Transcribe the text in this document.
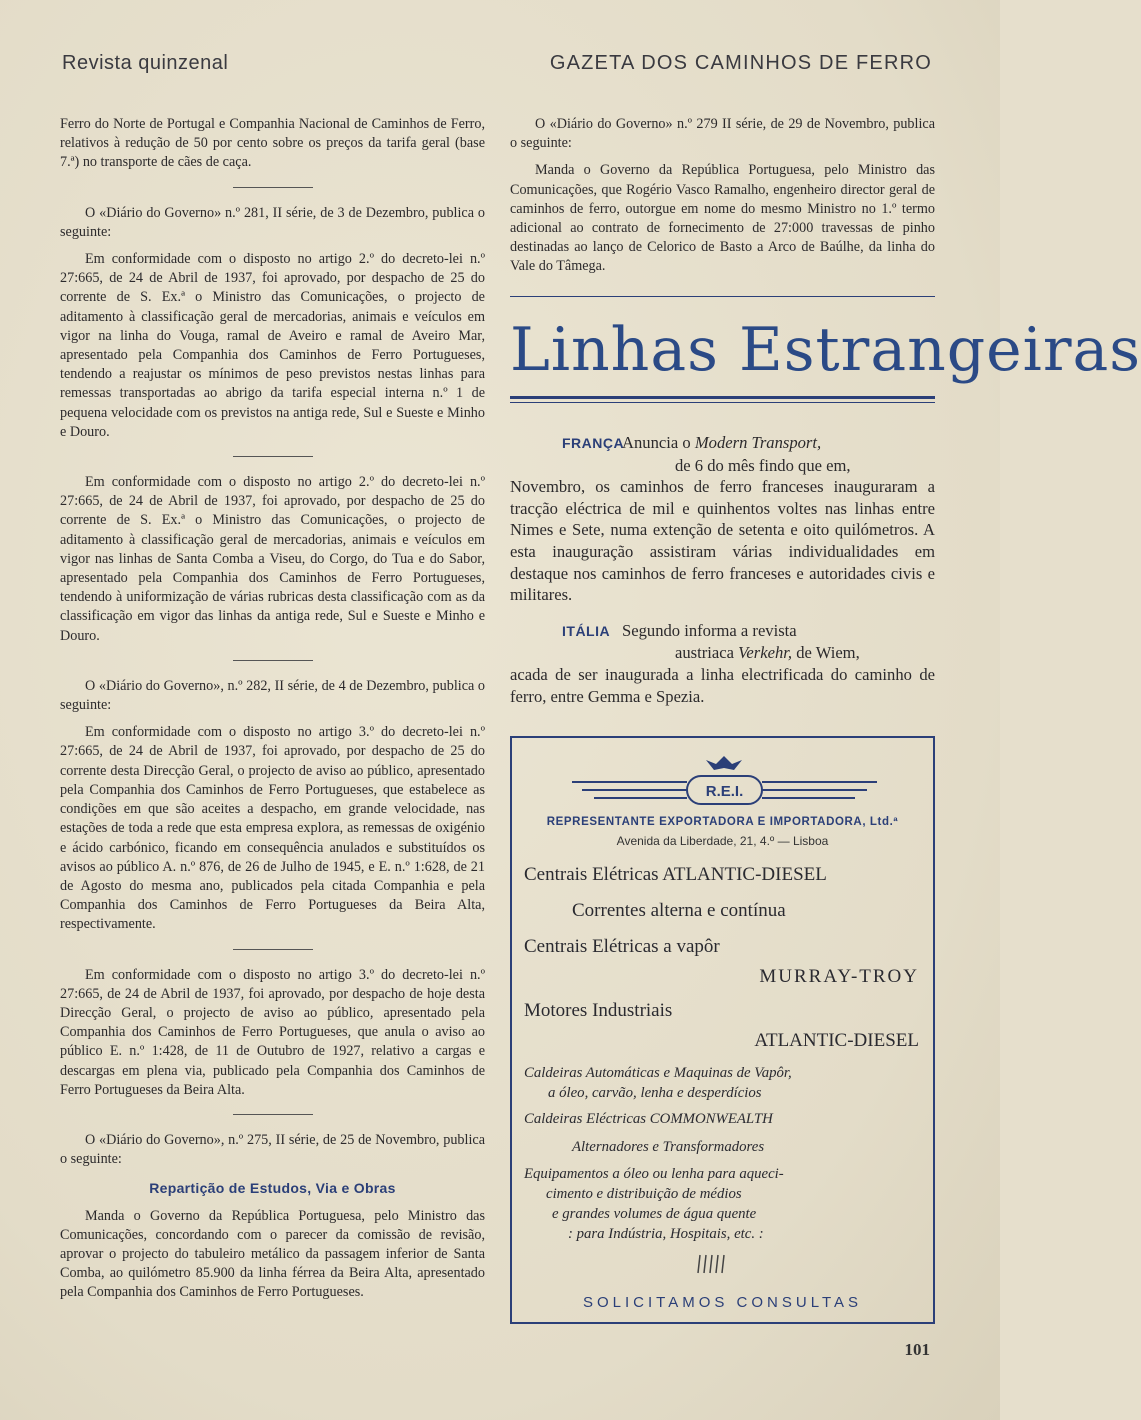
Revista quinzenal	GAZETA DOS CAMINHOS DE FERRO

Ferro do Norte de Portugal e Companhia Nacional de Caminhos de Ferro, relativos à redução de 50 por cento sobre os preços da tarifa geral (base 7.ª) no transporte de cães de caça.

O «Diário do Governo» n.º 281, II série, de 3 de Dezembro, publica o seguinte:

Em conformidade com o disposto no artigo 2.º do decreto-lei n.º 27:665, de 24 de Abril de 1937, foi aprovado, por despacho de 25 do corrente de S. Ex.ª o Ministro das Comunicações, o projecto de aditamento à classificação geral de mercadorias, animais e veículos em vigor na linha do Vouga, ramal de Aveiro e ramal de Aveiro Mar, apresentado pela Companhia dos Caminhos de Ferro Portugueses, tendendo a reajustar os mínimos de peso previstos nestas linhas para remessas transportadas ao abrigo da tarifa especial interna n.º 1 de pequena velocidade com os previstos na antiga rede, Sul e Sueste e Minho e Douro.

Em conformidade com o disposto no artigo 2.º do decreto-lei n.º 27:665, de 24 de Abril de 1937, foi aprovado, por despacho de 25 do corrente de S. Ex.ª o Ministro das Comunicações, o projecto de aditamento à classificação geral de mercadorias, animais e veículos em vigor nas linhas de Santa Comba a Viseu, do Corgo, do Tua e do Sabor, apresentado pela Companhia dos Caminhos de Ferro Portugueses, tendendo à uniformização de várias rubricas desta classificação com as da classificação em vigor das linhas da antiga rede, Sul e Sueste e Minho e Douro.

O «Diário do Governo», n.º 282, II série, de 4 de Dezembro, publica o seguinte:

Em conformidade com o disposto no artigo 3.º do decreto-lei n.º 27:665, de 24 de Abril de 1937, foi aprovado, por despacho de 25 do corrente desta Direcção Geral, o projecto de aviso ao público, apresentado pela Companhia dos Caminhos de Ferro Portugueses, que estabelece as condições em que são aceites a despacho, em grande velocidade, nas estações de toda a rede que esta empresa explora, as remessas de oxigénio e ácido carbónico, ficando em consequência anulados e substituídos os avisos ao público A. n.º 876, de 26 de Julho de 1945, e E. n.º 1:628, de 21 de Agosto do mesma ano, publicados pela citada Companhia e pela Companhia dos Caminhos de Ferro Portugueses da Beira Alta, respectivamente.

Em conformidade com o disposto no artigo 3.º do decreto-lei n.º 27:665, de 24 de Abril de 1937, foi aprovado, por despacho de hoje desta Direcção Geral, o projecto de aviso ao público, apresentado pela Companhia dos Caminhos de Ferro Portugueses, que anula o aviso ao público E. n.º 1:428, de 11 de Outubro de 1927, relativo a cargas e descargas em plena via, publicado pela Companhia dos Caminhos de Ferro Portugueses da Beira Alta.

O «Diário do Governo», n.º 275, II série, de 25 de Novembro, publica o seguinte:

Repartição de Estudos, Via e Obras

Manda o Governo da República Portuguesa, pelo Ministro das Comunicações, concordando com o parecer da comissão de revisão, aprovar o projecto do tabuleiro metálico da passagem inferior de Santa Comba, ao quilómetro 85.900 da linha férrea da Beira Alta, apresentado pela Companhia dos Caminhos de Ferro Portugueses.

O «Diário do Governo» n.º 279 II série, de 29 de Novembro, publica o seguinte:

Manda o Governo da República Portuguesa, pelo Ministro das Comunicações, que Rogério Vasco Ramalho, engenheiro director geral de caminhos de ferro, outorgue em nome do mesmo Ministro no 1.º termo adicional ao contrato de fornecimento de 27:000 travessas de pinho destinadas ao lanço de Celorico de Basto a Arco de Baúlhe, da linha do Vale do Tâmega.

Linhas Estrangeiras

FRANÇAAnuncia o Modern Transport,

de 6 do mês findo que em,

Novembro, os caminhos de ferro franceses inauguraram a tracção eléctrica de mil e quinhentos voltes nas linhas entre Nimes e Sete, numa extenção de setenta e oito quilómetros. A esta inauguração assistiram várias individualidades em destaque nos caminhos de ferro franceses e autoridades civis e militares.

ITÁLIA Segundo informa a revista

austriaca Verkehr, de Wiem,

acada de ser inaugurada a linha electrificada do caminho de ferro, entre Gemma e Spezia.

R.E.I.
REPRESENTANTE EXPORTADORA E IMPORTADORA, Ltd.ª
Avenida da Liberdade, 21, 4.º — Lisboa
Centrais Elétricas ATLANTIC-DIESEL
Correntes alterna e contínua
Centrais Elétricas a vapôr
MURRAY-TROY
Motores Industriais
ATLANTIC-DIESEL
Caldeiras Automáticas e Maquinas de Vapôr,
a óleo, carvão, lenha e desperdícios
Caldeiras Eléctricas COMMONWEALTH
Alternadores e Transformadores
Equipamentos a óleo ou lenha para aqueci-
cimento e distribuição de médios
e grandes volumes de água quente
: para Indústria, Hospitais, etc. :
SOLICITAMOS CONSULTAS
101
